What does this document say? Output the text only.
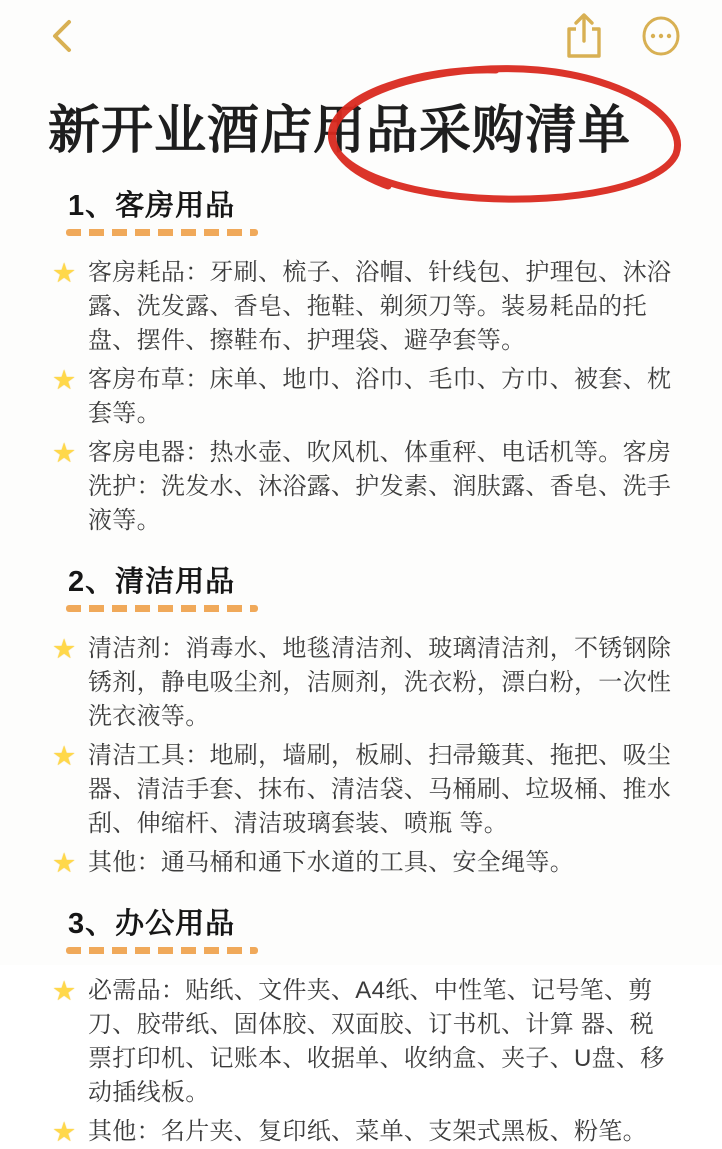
新开业酒店用品采购清单
1、客房用品
★ 客房耗品：牙刷、梳子、浴帽、针线包、护理包、沐浴露、洗发露、香皂、拖鞋、剃须刀等。装易耗品的托盘、摆件、擦鞋布、护理袋、避孕套等。
★ 客房布草：床单、地巾、浴巾、毛巾、方巾、被套、枕套等。
★ 客房电器：热水壶、吹风机、体重秤、电话机等。客房洗护：洗发水、沐浴露、护发素、润肤露、香皂、洗手液等。
2、清洁用品
★ 清洁剂：消毒水、地毯清洁剂、玻璃清洁剂，不锈钢除锈剂，静电吸尘剂，洁厕剂，洗衣粉，漂白粉，一次性洗衣液等。
★ 清洁工具：地刷，墙刷，板刷、扫帚簸萁、拖把、吸尘器、清洁手套、抹布、清洁袋、马桶刷、垃圾桶、推水刮、伸缩杆、清洁玻璃套装、喷瓶 等。
★ 其他：通马桶和通下水道的工具、安全绳等。
3、办公用品
★ 必需品：贴纸、文件夹、A4纸、中性笔、记号笔、剪刀、胶带纸、固体胶、双面胶、订书机、计算 器、税票打印机、记账本、收据单、收纳盒、夹子、U盘、移动插线板。
★ 其他：名片夹、复印纸、菜单、支架式黑板、粉笔。
